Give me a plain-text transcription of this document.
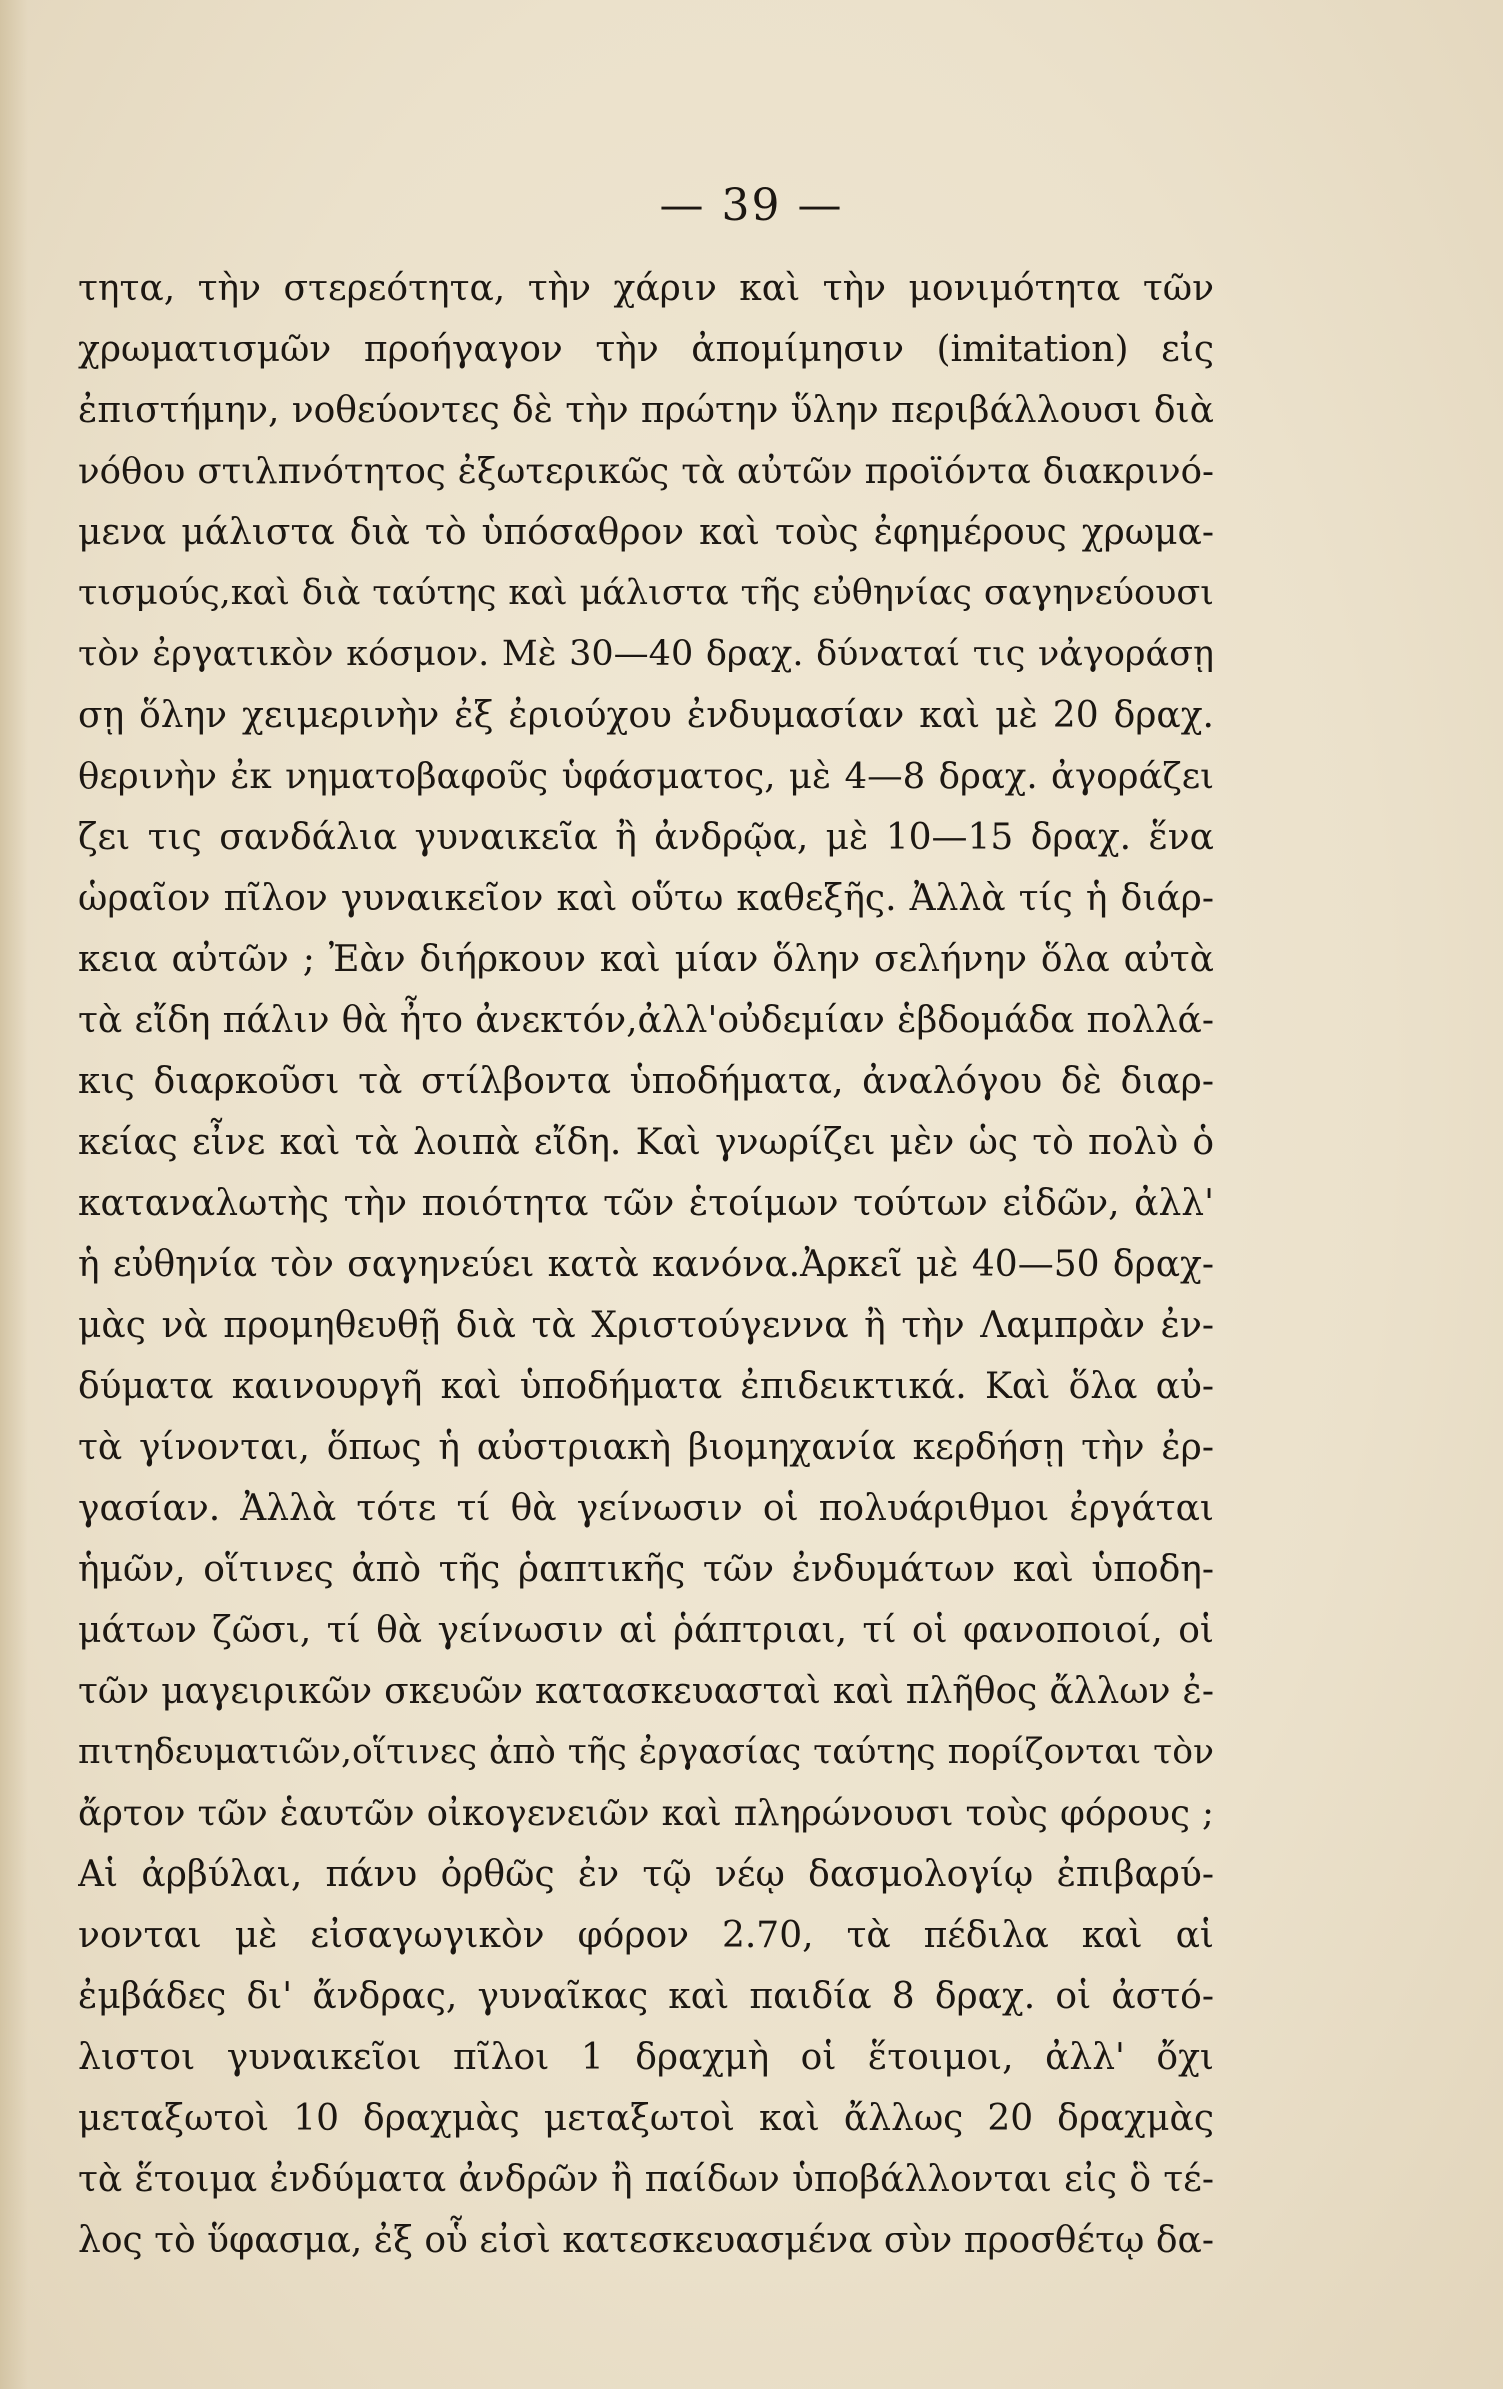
— 39 —
τητα, τὴν στερεότητα, τὴν χάριν καὶ τὴν μονιμότητα τῶν
χρωματισμῶν προήγαγον τὴν ἀπομίμησιν (imitation) εἰς
ἐπιστήμην, νοθεύοντες δὲ τὴν πρώτην ὕλην περιβάλλουσι διὰ
νόθου στιλπνότητος ἐξωτερικῶς τὰ αὐτῶν προϊόντα διακρινό-
μενα μάλιστα διὰ τὸ ὑπόσαθρον καὶ τοὺς ἐφημέρους χρωμα-
τισμούς,καὶ διὰ ταύτης καὶ μάλιστα τῆς εὐθηνίας σαγηνεύουσι
τὸν ἐργατικὸν κόσμον. Μὲ 30—40 δραχ. δύναταί τις νἀγοράσῃ
σῃ ὅλην χειμερινὴν ἐξ ἐριούχου ἐνδυμασίαν καὶ μὲ 20 δραχ.
θερινὴν ἐκ νηματοβαφοῦς ὑφάσματος, μὲ 4—8 δραχ. ἀγοράζει
ζει τις σανδάλια γυναικεῖα ἢ ἀνδρῷα, μὲ 10—15 δραχ. ἕνα
ὡραῖον πῖλον γυναικεῖον καὶ οὕτω καθεξῆς. Ἀλλὰ τίς ἡ διάρ-
κεια αὐτῶν ; Ἐὰν διήρκουν καὶ μίαν ὅλην σελήνην ὅλα αὐτὰ
τὰ εἴδη πάλιν θὰ ἦτο ἀνεκτόν,ἀλλ'οὐδεμίαν ἑβδομάδα πολλά-
κις διαρκοῦσι τὰ στίλβοντα ὑποδήματα, ἀναλόγου δὲ διαρ-
κείας εἶνε καὶ τὰ λοιπὰ εἴδη. Καὶ γνωρίζει μὲν ὡς τὸ πολὺ ὁ
καταναλωτὴς τὴν ποιότητα τῶν ἑτοίμων τούτων εἰδῶν, ἀλλ'
ἡ εὐθηνία τὸν σαγηνεύει κατὰ κανόνα.Ἀρκεῖ μὲ 40—50 δραχ-
μὰς νὰ προμηθευθῇ διὰ τὰ Χριστούγεννα ἢ τὴν Λαμπρὰν ἐν-
δύματα καινουργῆ καὶ ὑποδήματα ἐπιδεικτικά. Καὶ ὅλα αὐ-
τὰ γίνονται, ὅπως ἡ αὐστριακὴ βιομηχανία κερδήσῃ τὴν ἐρ-
γασίαν. Ἀλλὰ τότε τί θὰ γείνωσιν οἱ πολυάριθμοι ἐργάται
ἡμῶν, οἵτινες ἀπὸ τῆς ῥαπτικῆς τῶν ἐνδυμάτων καὶ ὑποδη-
μάτων ζῶσι, τί θὰ γείνωσιν αἱ ῥάπτριαι, τί οἱ φανοποιοί, οἱ
τῶν μαγειρικῶν σκευῶν κατασκευασταὶ καὶ πλῆθος ἄλλων ἐ-
πιτηδευματιῶν,οἵτινες ἀπὸ τῆς ἐργασίας ταύτης πορίζονται τὸν
ἄρτον τῶν ἑαυτῶν οἰκογενειῶν καὶ πληρώνουσι τοὺς φόρους ;
Αἱ ἀρβύλαι, πάνυ ὀρθῶς ἐν τῷ νέῳ δασμολογίῳ ἐπιβαρύ-
νονται μὲ εἰσαγωγικὸν φόρον 2.70, τὰ πέδιλα καὶ αἱ
ἐμβάδες δι' ἄνδρας, γυναῖκας καὶ παιδία 8 δραχ. οἱ ἀστό-
λιστοι γυναικεῖοι πῖλοι 1 δραχμὴ οἱ ἕτοιμοι, ἀλλ' ὄχι
μεταξωτοὶ 10 δραχμὰς μεταξωτοὶ καὶ ἄλλως 20 δραχμὰς
τὰ ἕτοιμα ἐνδύματα ἀνδρῶν ἢ παίδων ὑποβάλλονται εἰς ὃ τέ-
λος τὸ ὕφασμα, ἐξ οὗ εἰσὶ κατεσκευασμένα σὺν προσθέτῳ δα-
